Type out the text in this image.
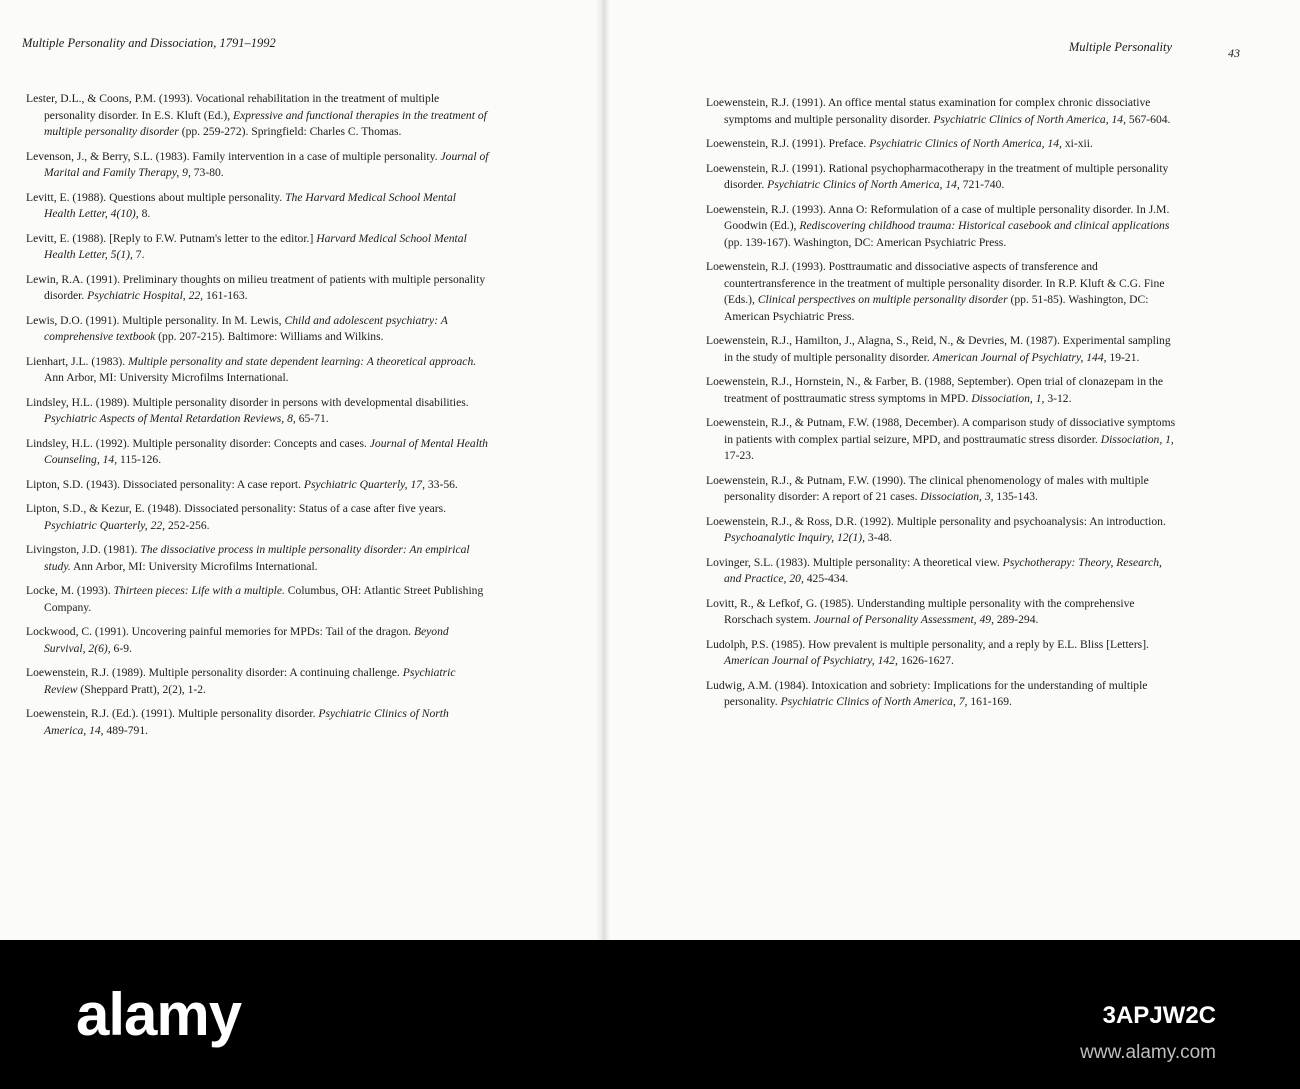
Multiple Personality and Dissociation, 1791–1992

Lester, D.L., & Coons, P.M. (1993). Vocational rehabilitation in the treatment of multiple personality disorder. In E.S. Kluft (Ed.), Expressive and functional therapies in the treatment of multiple personality disorder (pp. 259-272). Springfield: Charles C. Thomas.

Levenson, J., & Berry, S.L. (1983). Family intervention in a case of multiple personality. Journal of Marital and Family Therapy, 9, 73-80.

Levitt, E. (1988). Questions about multiple personality. The Harvard Medical School Mental Health Letter, 4(10), 8.

Levitt, E. (1988). [Reply to F.W. Putnam's letter to the editor.] Harvard Medical School Mental Health Letter, 5(1), 7.

Lewin, R.A. (1991). Preliminary thoughts on milieu treatment of patients with multiple personality disorder. Psychiatric Hospital, 22, 161-163.

Lewis, D.O. (1991). Multiple personality. In M. Lewis, Child and adolescent psychiatry: A comprehensive textbook (pp. 207-215). Baltimore: Williams and Wilkins.

Lienhart, J.L. (1983). Multiple personality and state dependent learning: A theoretical approach. Ann Arbor, MI: University Microfilms International.

Lindsley, H.L. (1989). Multiple personality disorder in persons with developmental disabilities. Psychiatric Aspects of Mental Retardation Reviews, 8, 65-71.

Lindsley, H.L. (1992). Multiple personality disorder: Concepts and cases. Journal of Mental Health Counseling, 14, 115-126.

Lipton, S.D. (1943). Dissociated personality: A case report. Psychiatric Quarterly, 17, 33-56.

Lipton, S.D., & Kezur, E. (1948). Dissociated personality: Status of a case after five years. Psychiatric Quarterly, 22, 252-256.

Livingston, J.D. (1981). The dissociative process in multiple personality disorder: An empirical study. Ann Arbor, MI: University Microfilms International.

Locke, M. (1993). Thirteen pieces: Life with a multiple. Columbus, OH: Atlantic Street Publishing Company.

Lockwood, C. (1991). Uncovering painful memories for MPDs: Tail of the dragon. Beyond Survival, 2(6), 6-9.

Loewenstein, R.J. (1989). Multiple personality disorder: A continuing challenge. Psychiatric Review (Sheppard Pratt), 2(2), 1-2.

Loewenstein, R.J. (Ed.). (1991). Multiple personality disorder. Psychiatric Clinics of North America, 14, 489-791.

Multiple Personality	43

Loewenstein, R.J. (1991). An office mental status examination for complex chronic dissociative symptoms and multiple personality disorder. Psychiatric Clinics of North America, 14, 567-604.

Loewenstein, R.J. (1991). Preface. Psychiatric Clinics of North America, 14, xi-xii.

Loewenstein, R.J. (1991). Rational psychopharmacotherapy in the treatment of multiple personality disorder. Psychiatric Clinics of North America, 14, 721-740.

Loewenstein, R.J. (1993). Anna O: Reformulation of a case of multiple personality disorder. In J.M. Goodwin (Ed.), Rediscovering childhood trauma: Historical casebook and clinical applications (pp. 139-167). Washington, DC: American Psychiatric Press.

Loewenstein, R.J. (1993). Posttraumatic and dissociative aspects of transference and countertransference in the treatment of multiple personality disorder. In R.P. Kluft & C.G. Fine (Eds.), Clinical perspectives on multiple personality disorder (pp. 51-85). Washington, DC: American Psychiatric Press.

Loewenstein, R.J., Hamilton, J., Alagna, S., Reid, N., & Devries, M. (1987). Experimental sampling in the study of multiple personality disorder. American Journal of Psychiatry, 144, 19-21.

Loewenstein, R.J., Hornstein, N., & Farber, B. (1988, September). Open trial of clonazepam in the treatment of posttraumatic stress symptoms in MPD. Dissociation, 1, 3-12.

Loewenstein, R.J., & Putnam, F.W. (1988, December). A comparison study of dissociative symptoms in patients with complex partial seizure, MPD, and posttraumatic stress disorder. Dissociation, 1, 17-23.

Loewenstein, R.J., & Putnam, F.W. (1990). The clinical phenomenology of males with multiple personality disorder: A report of 21 cases. Dissociation, 3, 135-143.

Loewenstein, R.J., & Ross, D.R. (1992). Multiple personality and psychoanalysis: An introduction. Psychoanalytic Inquiry, 12(1), 3-48.

Lovinger, S.L. (1983). Multiple personality: A theoretical view. Psychotherapy: Theory, Research, and Practice, 20, 425-434.

Lovitt, R., & Lefkof, G. (1985). Understanding multiple personality with the comprehensive Rorschach system. Journal of Personality Assessment, 49, 289-294.

Ludolph, P.S. (1985). How prevalent is multiple personality, and a reply by E.L. Bliss [Letters]. American Journal of Psychiatry, 142, 1626-1627.

Ludwig, A.M. (1984). Intoxication and sobriety: Implications for the understanding of multiple personality. Psychiatric Clinics of North America, 7, 161-169.

alamy	3APJW2C
www.alamy.com
